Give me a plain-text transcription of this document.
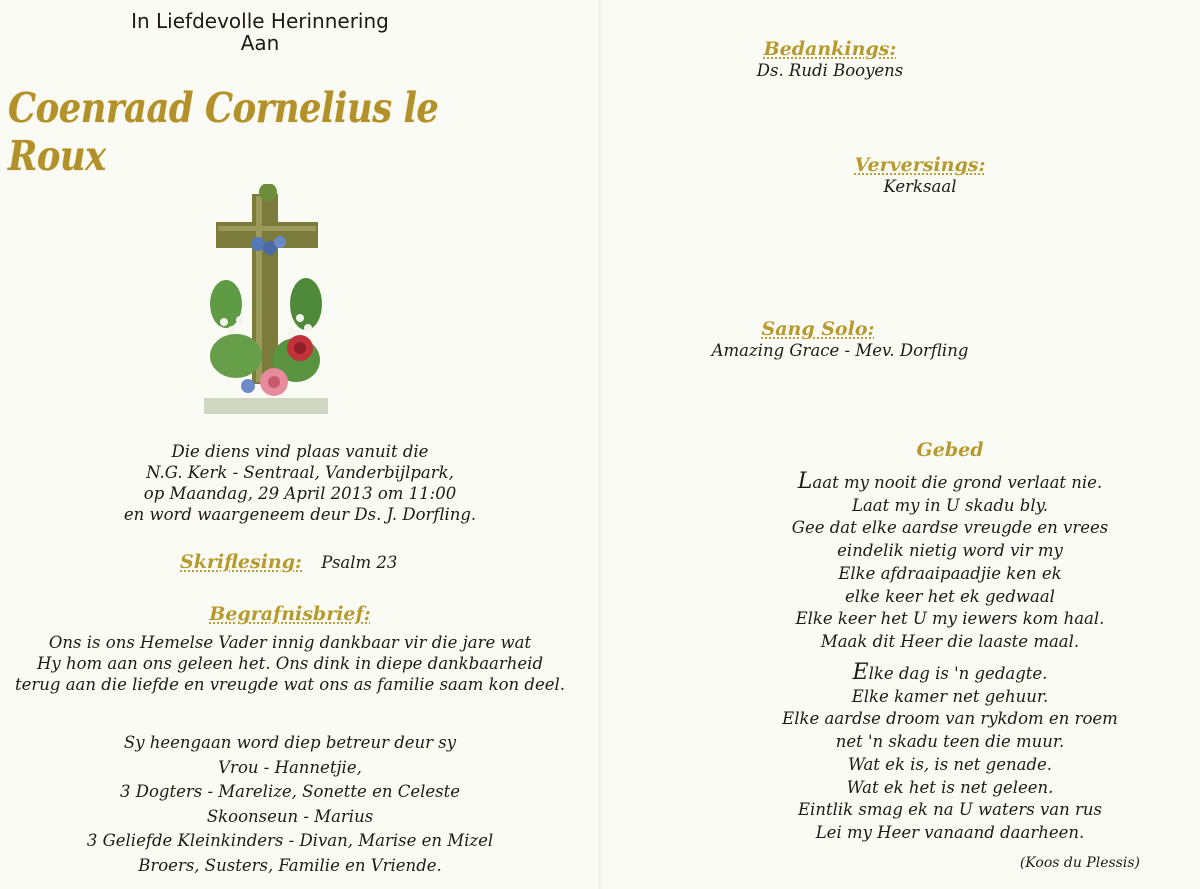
In Liefdevolle Herinnering
Aan
Coenraad Cornelius le Roux
Die diens vind plaas vanuit die
N.G. Kerk - Sentraal, Vanderbijlpark,
op Maandag, 29 April 2013 om 11:00
en word waargeneem deur Ds. J. Dorfling.
Skriflesing: Psalm 23
Begrafnisbrief:
Ons is ons Hemelse Vader innig dankbaar vir die jare wat
Hy hom aan ons geleen het. Ons dink in diepe dankbaarheid
terug aan die liefde en vreugde wat ons as familie saam kon deel.
Sy heengaan word diep betreur deur sy
Vrou - Hannetjie,
3 Dogters - Marelize, Sonette en Celeste
Skoonseun - Marius
3 Geliefde Kleinkinders - Divan, Marise en Mizel
Broers, Susters, Familie en Vriende.
Bedankings:
Ds. Rudi Booyens
Verversings:
Kerksaal
Sang Solo:
Amazing Grace - Mev. Dorfling
Gebed
Laat my nooit die grond verlaat nie.
Laat my in U skadu bly.
Gee dat elke aardse vreugde en vrees
eindelik nietig word vir my
Elke afdraaipaadjie ken ek
elke keer het ek gedwaal
Elke keer het U my iewers kom haal.
Maak dit Heer die laaste maal.
Elke dag is 'n gedagte.
Elke kamer net gehuur.
Elke aardse droom van rykdom en roem
net 'n skadu teen die muur.
Wat ek is, is net genade.
Wat ek het is net geleen.
Eintlik smag ek na U waters van rus
Lei my Heer vanaand daarheen.
(Koos du Plessis)
